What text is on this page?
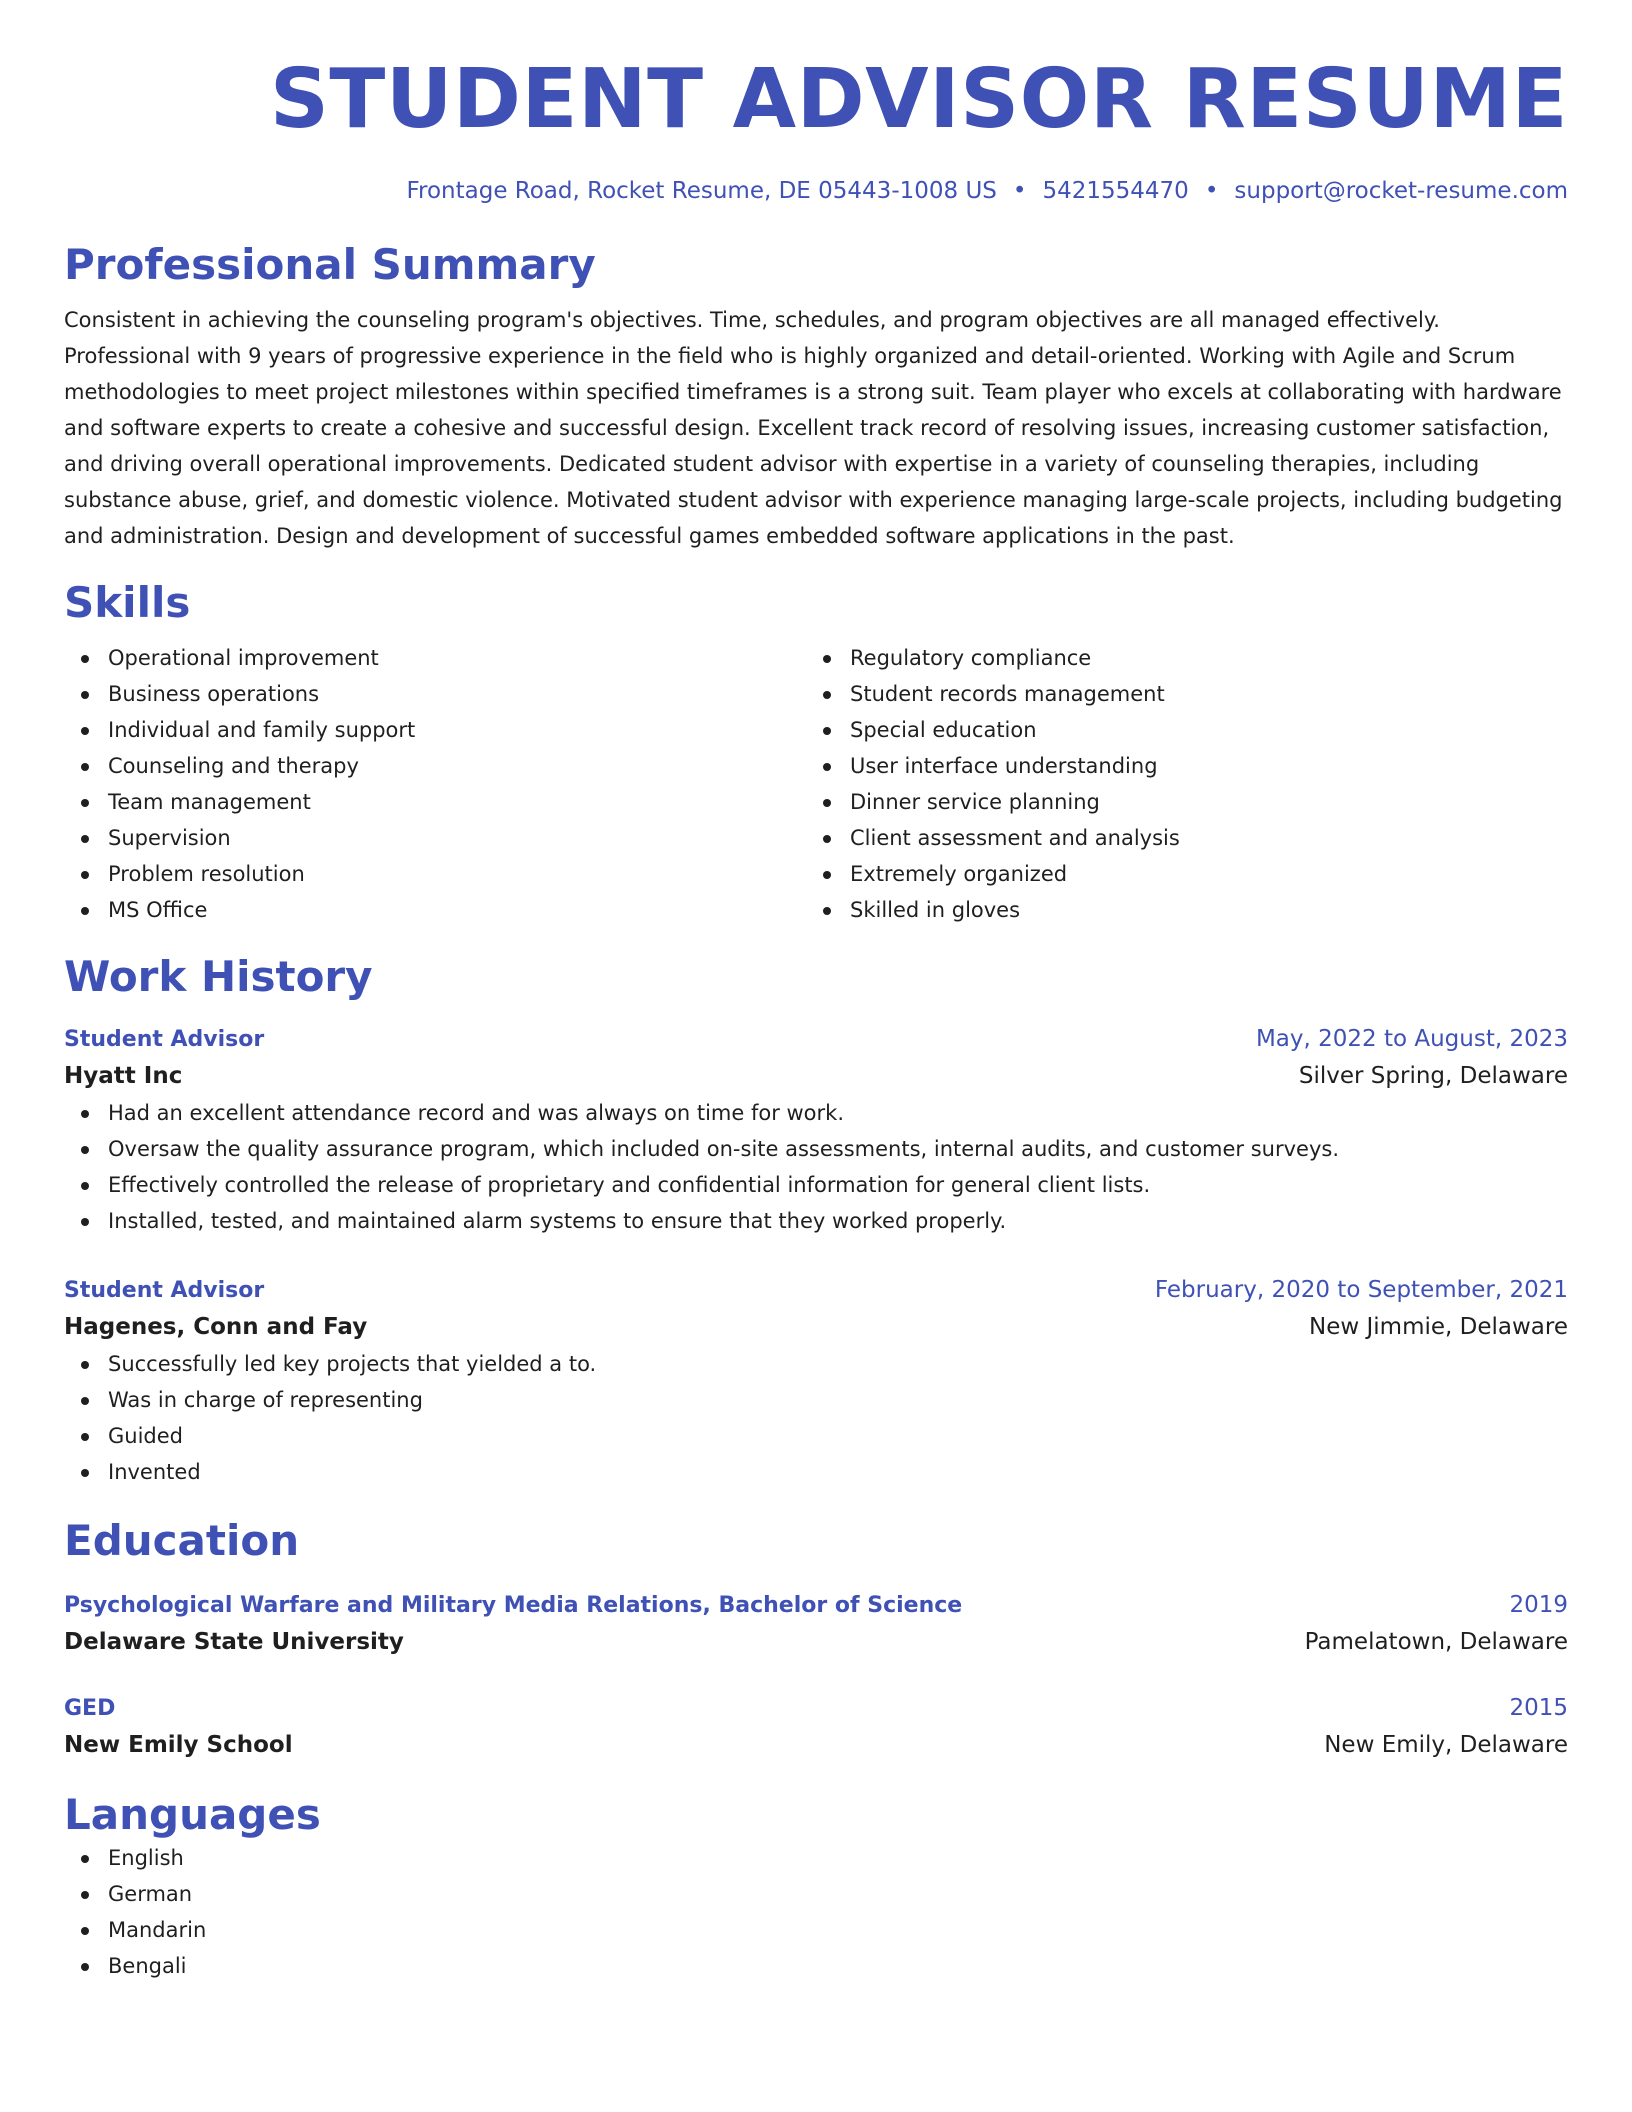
STUDENT ADVISOR RESUME
Frontage Road, Rocket Resume, DE 05443-1008 US • 5421554470 • support@rocket-resume.com
Professional Summary

Consistent in achieving the counseling program's objectives. Time, schedules, and program objectives are all managed effectively. Professional with 9 years of progressive experience in the field who is highly organized and detail-oriented. Working with Agile and Scrum methodologies to meet project milestones within specified timeframes is a strong suit. Team player who excels at collaborating with hardware and software experts to create a cohesive and successful design. Excellent track record of resolving issues, increasing customer satisfaction, and driving overall operational improvements. Dedicated student advisor with expertise in a variety of counseling therapies, including substance abuse, grief, and domestic violence. Motivated student advisor with experience managing large-scale projects, including budgeting and administration. Design and development of successful games embedded software applications in the past.

Skills
Operational improvement
Business operations
Individual and family support
Counseling and therapy
Team management
Supervision
Problem resolution
MS Office
Regulatory compliance
Student records management
Special education
User interface understanding
Dinner service planning
Client assessment and analysis
Extremely organized
Skilled in gloves
Work History
Student Advisor	May, 2022 to August, 2023
Hyatt Inc	Silver Spring, Delaware
Had an excellent attendance record and was always on time for work.
Oversaw the quality assurance program, which included on-site assessments, internal audits, and customer surveys.
Effectively controlled the release of proprietary and confidential information for general client lists.
Installed, tested, and maintained alarm systems to ensure that they worked properly.
Student Advisor	February, 2020 to September, 2021
Hagenes, Conn and Fay	New Jimmie, Delaware
Successfully led key projects that yielded a to.
Was in charge of representing
Guided
Invented
Education
Psychological Warfare and Military Media Relations, Bachelor of Science	2019
Delaware State University	Pamelatown, Delaware
GED	2015
New Emily School	New Emily, Delaware
Languages
English
German
Mandarin
Bengali
